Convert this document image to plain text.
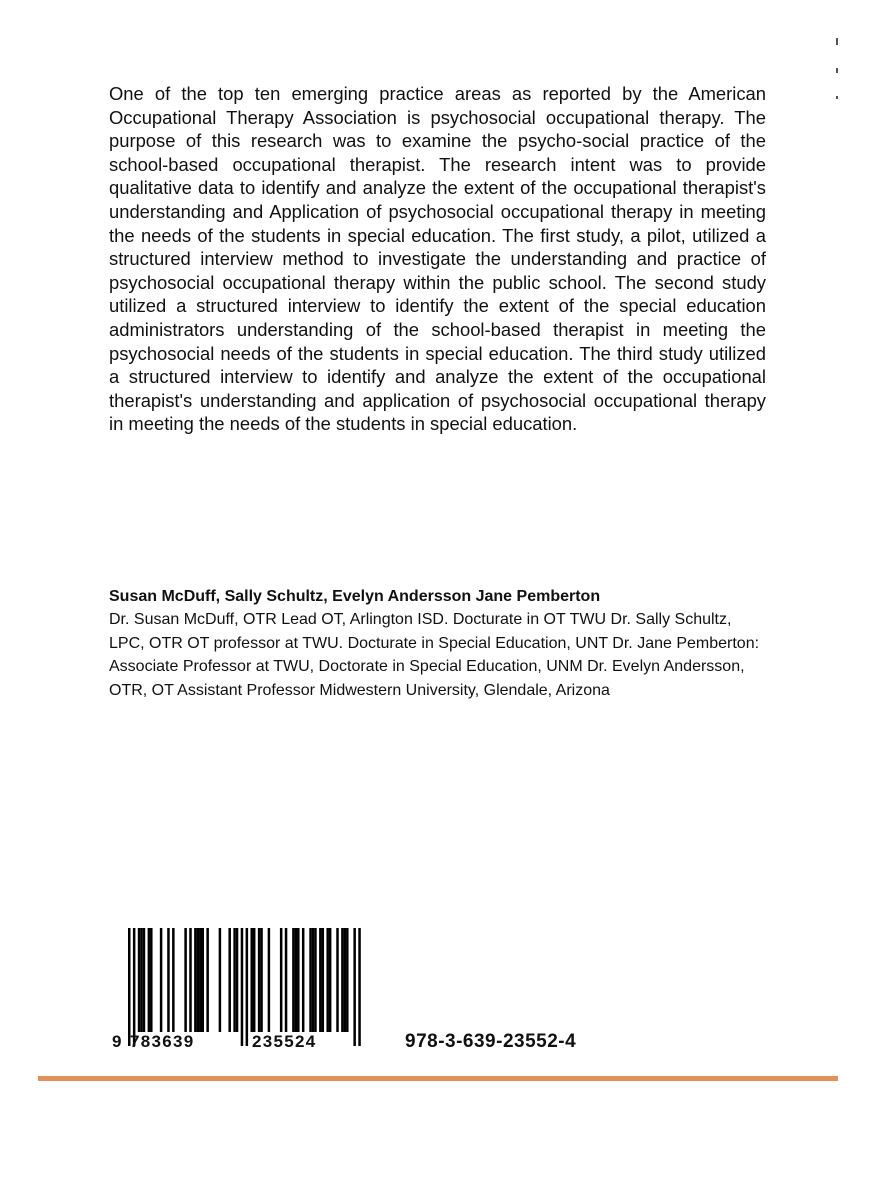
One of the top ten emerging practice areas as reported by the American Occupational Therapy Association is psychosocial occupational therapy. The purpose of this research was to examine the psycho-social practice of the school-based occupational therapist. The research intent was to provide qualitative data to identify and analyze the extent of the occupational therapist's understanding and Application of psychosocial occupational therapy in meeting the needs of the students in special education. The first study, a pilot, utilized a structured interview method to investigate the understanding and practice of psychosocial occupational therapy within the public school. The second study utilized a structured interview to identify the extent of the special education administrators understanding of the school-based therapist in meeting the psychosocial needs of the students in special education. The third study utilized a structured interview to identify and analyze the extent of the occupational therapist's understanding and application of psychosocial occupational therapy in meeting the needs of the students in special education.

Susan McDuff, Sally Schultz, Evelyn Andersson Jane Pemberton

Dr. Susan McDuff, OTR Lead OT, Arlington ISD. Docturate in OT TWU Dr. Sally Schultz, LPC, OTR OT professor at TWU. Docturate in Special Education, UNT Dr. Jane Pemberton: Associate Professor at TWU, Doctorate in Special Education, UNM Dr. Evelyn Andersson, OTR, OT Assistant Professor Midwestern University, Glendale, Arizona

9 783639	235524	978-3-639-23552-4
